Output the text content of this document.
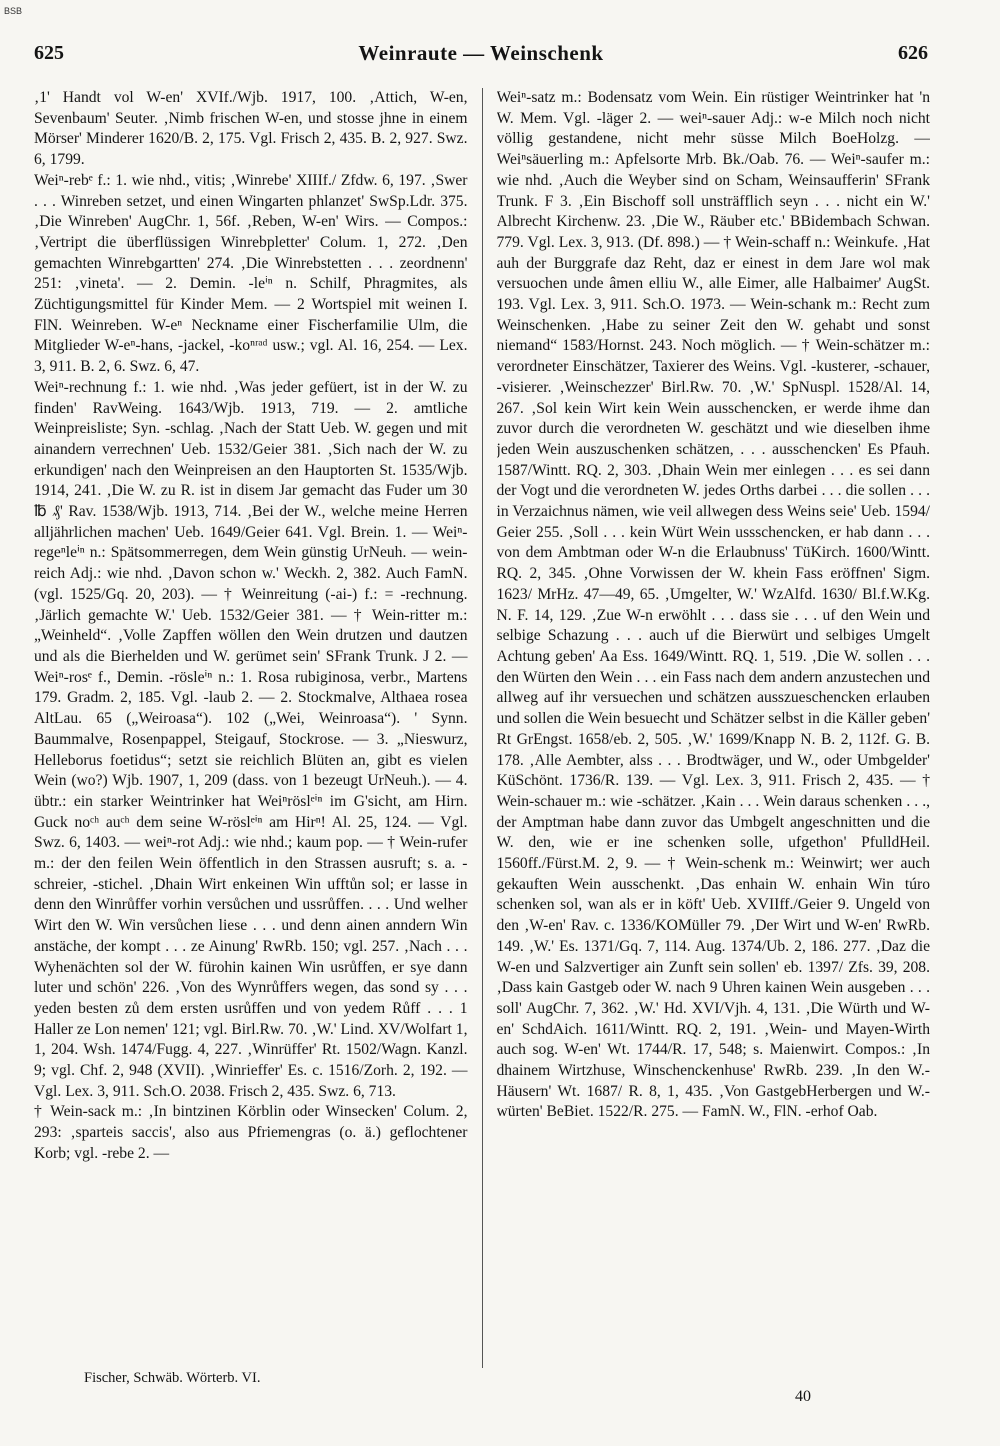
BSB
625	Weinraute — Weinschenk	626

‚1' Handt vol W-en' XVIf./Wjb. 1917, 100. ‚Attich, W-en, Sevenbaum' Seuter. ‚Nimb frischen W-en, und stosse jhne in einem Mörser' Minderer 1620/B. 2, 175. Vgl. Frisch 2, 435. B. 2, 927. Swz. 6, 1799.

Weiⁿ-rebᵉ f.: 1. wie nhd., vitis; ‚Winrebe' XIIIf./ Zfdw. 6, 197. ‚Swer . . . Winreben setzet, und einen Wingarten phlanzet' SwSp.Ldr. 375. ‚Die Winreben' AugChr. 1, 56f. ‚Reben, W-en' Wirs. — Compos.: ‚Vertript die überflüssigen Winrebpletter' Colum. 1, 272. ‚Den gemachten Winrebgartten' 274. ‚Die Winrebstetten . . . zeordnenn' 251: ‚vineta'. — 2. Demin. -leⁱⁿ n. Schilf, Phragmites, als Züchtigungsmittel für Kinder Mem. — 2 Wortspiel mit weinen I. FlN. Weinreben. W-eⁿ Neckname einer Fischerfamilie Ulm, die Mitglieder W-eⁿ-hans, -jackel, -koⁿʳᵃᵈ usw.; vgl. Al. 16, 254. — Lex. 3, 911. B. 2, 6. Swz. 6, 47.

Weiⁿ-rechnung f.: 1. wie nhd. ‚Was jeder gefüert, ist in der W. zu finden' RavWeing. 1643/Wjb. 1913, 719. — 2. amtliche Weinpreisliste; Syn. -schlag. ‚Nach der Statt Ueb. W. gegen und mit ainandern verrechnen' Ueb. 1532/Geier 381. ‚Sich nach der W. zu erkundigen' nach den Weinpreisen an den Hauptorten St. 1535/Wjb. 1914, 241. ‚Die W. zu R. ist in disem Jar gemacht das Fuder um 30 ℔ ₰' Rav. 1538/Wjb. 1913, 714. ‚Bei der W., welche meine Herren alljährlichen machen' Ueb. 1649/Geier 641. Vgl. Brein. 1. — Weiⁿ-regeⁿleⁱⁿ n.: Spätsommerregen, dem Wein günstig UrNeuh. — wein-reich Adj.: wie nhd. ‚Davon schon w.' Weckh. 2, 382. Auch FamN. (vgl. 1525/Gq. 20, 203). — † Weinreitung (-ai-) f.: = -rechnung. ‚Järlich gemachte W.' Ueb. 1532/Geier 381. — † Wein-ritter m.: „Weinheld“. ‚Volle Zapffen wöllen den Wein drutzen und dautzen und als die Bierhelden und W. gerümet sein' SFrank Trunk. J 2. — Weiⁿ-rosᵉ f., Demin. -rösleⁱⁿ n.: 1. Rosa rubiginosa, verbr., Martens 179. Gradm. 2, 185. Vgl. -laub 2. — 2. Stockmalve, Althaea rosea AltLau. 65 („Weiroasa“). 102 („Wei, Weinroasa“). ' Synn. Baummalve, Rosenpappel, Steigauf, Stockrose. — 3. „Nieswurz, Helleborus foetidus“; setzt sie reichlich Blüten an, gibt es vielen Wein (wo?) Wjb. 1907, 1, 209 (dass. von 1 bezeugt UrNeuh.). — 4. übtr.: ein starker Weintrinker hat Weiⁿröslᵉⁱⁿ im G'sicht, am Hirn. Guck noᶜʰ auᶜʰ dem seine W-röslᵉⁱⁿ am Hirⁿ! Al. 25, 124. — Vgl. Swz. 6, 1403. — weiⁿ-rot Adj.: wie nhd.; kaum pop. — † Wein-rufer m.: der den feilen Wein öffentlich in den Strassen ausruft; s. a. -schreier, -stichel. ‚Dhain Wirt enkeinen Win ufftůn sol; er lasse in denn den Winrůffer vorhin versůchen und ussrůffen. . . . Und welher Wirt den W. Win versůchen liese . . . und denn ainen anndern Win anstäche, der kompt . . . ze Ainung' RwRb. 150; vgl. 257. ‚Nach . . . Wyhenächten sol der W. fürohin kainen Win usrůffen, er sye dann luter und schön' 226. ‚Von des Wynrůffers wegen, das sond sy . . . yeden besten zů dem ersten usrůffen und von yedem Růff . . . 1 Haller ze Lon nemen' 121; vgl. Birl.Rw. 70. ‚W.' Lind. XV/Wolfart 1, 1, 204. Wsh. 1474/Fugg. 4, 227. ‚Winrüffer' Rt. 1502/Wagn. Kanzl. 9; vgl. Chf. 2, 948 (XVII). ‚Winrieffer' Es. c. 1516/Zorh. 2, 192. — Vgl. Lex. 3, 911. Sch.O. 2038. Frisch 2, 435. Swz. 6, 713.

† Wein-sack m.: ‚In bintzinen Körblin oder Winsecken' Colum. 2, 293: ‚sparteis saccis', also aus Pfriemengras (o. ä.) geflochtener Korb; vgl. -rebe 2. —

Weiⁿ-satz m.: Bodensatz vom Wein. Ein rüstiger Weintrinker hat 'n W. Mem. Vgl. -läger 2. — weiⁿ-sauer Adj.: w-e Milch noch nicht völlig gestandene, nicht mehr süsse Milch BoeHolzg. — Weiⁿsäuerling m.: Apfelsorte Mrb. Bk./Oab. 76. — Weiⁿ-saufer m.: wie nhd. ‚Auch die Weyber sind on Scham, Weinsaufferin' SFrank Trunk. F 3. ‚Ein Bischoff soll unsträfflich seyn . . . nicht ein W.' Albrecht Kirchenw. 23. ‚Die W., Räuber etc.' BBidembach Schwan. 779. Vgl. Lex. 3, 913. (Df. 898.) — † Wein-schaff n.: Weinkufe. ‚Hat auh der Burggrafe daz Reht, daz er einest in dem Jare wol mak versuochen unde âmen elliu W., alle Eimer, alle Halbaimer' AugSt. 193. Vgl. Lex. 3, 911. Sch.O. 1973. — Wein-schank m.: Recht zum Weinschenken. ‚Habe zu seiner Zeit den W. gehabt und sonst niemand“ 1583/Hornst. 243. Noch möglich. — † Wein-schätzer m.: verordneter Einschätzer, Taxierer des Weins. Vgl. -kusterer, -schauer, -visierer. ‚Weinschezzer' Birl.Rw. 70. ‚W.' SpNuspl. 1528/Al. 14, 267. ‚Sol kein Wirt kein Wein ausschencken, er werde ihme dan zuvor durch die verordneten W. geschätzt und wie dieselben ihme jeden Wein auszuschenken schätzen, . . . ausschencken' Es Pfauh. 1587/Wintt. RQ. 2, 303. ‚Dhain Wein mer einlegen . . . es sei dann der Vogt und die verordneten W. jedes Orths darbei . . . die sollen . . . in Verzaichnus nämen, wie veil allwegen dess Weins seie' Ueb. 1594/ Geier 255. ‚Soll . . . kein Würt Wein ussschencken, er hab dann . . . von dem Ambtman oder W-n die Erlaubnuss' TüKirch. 1600/Wintt. RQ. 2, 345. ‚Ohne Vorwissen der W. khein Fass eröffnen' Sigm. 1623/ MrHz. 47—49, 65. ‚Umgelter, W.' WzAlfd. 1630/ Bl.f.W.Kg. N. F. 14, 129. ‚Zue W-n erwöhlt . . . dass sie . . . uf den Wein und selbige Schazung . . . auch uf die Bierwürt und selbiges Umgelt Achtung geben' Aa Ess. 1649/Wintt. RQ. 1, 519. ‚Die W. sollen . . . den Würten den Wein . . . ein Fass nach dem andern anzustechen und allweg auf ihr versuechen und schätzen ausszueschencken erlauben und sollen die Wein besuecht und Schätzer selbst in die Käller geben' Rt GrEngst. 1658/eb. 2, 505. ‚W.' 1699/Knapp N. B. 2, 112f. G. B. 178. ‚Alle Aembter, alss . . . Brodtwäger, und W., oder Umbgelder' KüSchönt. 1736/R. 139. — Vgl. Lex. 3, 911. Frisch 2, 435. — † Wein-schauer m.: wie -schätzer. ‚Kain . . . Wein daraus schenken . . ., der Amptman habe dann zuvor das Umbgelt angeschnitten und die W. den, wie er ine schenken solle, ufgethon' PfulldHeil. 1560ff./Fürst.M. 2, 9. — † Wein-schenk m.: Weinwirt; wer auch gekauften Wein ausschenkt. ‚Das enhain W. enhain Win túro schenken sol, wan als er in köft' Ueb. XVIIff./Geier 9. Ungeld von den ‚W-en' Rav. c. 1336/KOMüller 79. ‚Der Wirt und W-en' RwRb. 149. ‚W.' Es. 1371/Gq. 7, 114. Aug. 1374/Ub. 2, 186. 277. ‚Daz die W-en und Salzvertiger ain Zunft sein sollen' eb. 1397/ Zfs. 39, 208. ‚Dass kain Gastgeb oder W. nach 9 Uhren kainen Wein ausgeben . . . soll' AugChr. 7, 362. ‚W.' Hd. XVI/Vjh. 4, 131. ‚Die Würth und W-en' SchdAich. 1611/Wintt. RQ. 2, 191. ‚Wein- und Mayen-Wirth auch sog. W-en' Wt. 1744/R. 17, 548; s. Maienwirt. Compos.: ‚In dhainem Wirtzhuse, Winschenckenhuse' RwRb. 239. ‚In den W.-Häusern' Wt. 1687/ R. 8, 1, 435. ‚Von GastgebHerbergen und W.-würten' BeBiet. 1522/R. 275. — FamN. W., FlN. -erhof Oab.

Fischer, Schwäb. Wörterb. VI.
40
